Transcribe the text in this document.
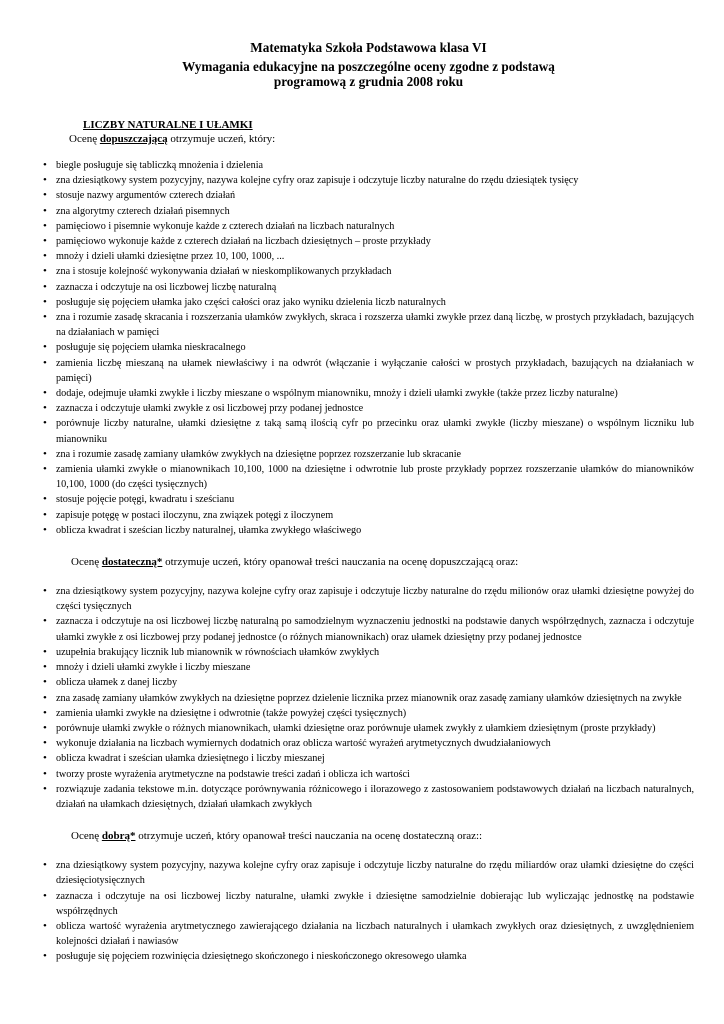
Matematyka Szkoła Podstawowa klasa VI

Wymagania edukacyjne na poszczególne oceny zgodne z podstawą

programową z grudnia 2008 roku

LICZBY NATURALNE I UŁAMKI
Ocenę dopuszczającą otrzymuje uczeń, który:
• biegle posługuje się tabliczką mnożenia i dzielenia
• zna dziesiątkowy system pozycyjny, nazywa kolejne cyfry oraz zapisuje i odczytuje liczby naturalne do rzędu dziesiątek tysięcy
• stosuje nazwy argumentów czterech działań
• zna algorytmy czterech działań pisemnych
• pamięciowo i pisemnie wykonuje każde z czterech działań na liczbach naturalnych
• pamięciowo wykonuje każde z czterech działań na liczbach dziesiętnych – proste przykłady
• mnoży i dzieli ułamki dziesiętne przez 10, 100, 1000, ...
• zna i stosuje kolejność wykonywania działań w nieskomplikowanych przykładach
• zaznacza i odczytuje na osi liczbowej liczbę naturalną
• posługuje się pojęciem ułamka jako części całości oraz jako wyniku dzielenia liczb naturalnych
• zna i rozumie zasadę skracania i rozszerzania ułamków zwykłych, skraca i rozszerza ułamki zwykłe przez daną liczbę, w prostych przykładach, bazujących na działaniach w pamięci
• posługuje się pojęciem ułamka nieskracalnego
• zamienia liczbę mieszaną na ułamek niewłaściwy i na odwrót (włączanie i wyłączanie całości w prostych przykładach, bazujących na działaniach w pamięci)
• dodaje, odejmuje ułamki zwykłe i liczby mieszane o wspólnym mianowniku, mnoży i dzieli ułamki zwykłe (także przez liczby naturalne)
• zaznacza i odczytuje ułamki zwykłe z osi liczbowej przy podanej jednostce
• porównuje liczby naturalne, ułamki dziesiętne z taką samą ilością cyfr po przecinku oraz ułamki zwykłe (liczby mieszane) o wspólnym liczniku lub mianowniku
• zna i rozumie zasadę zamiany ułamków zwykłych na dziesiętne poprzez rozszerzanie lub skracanie
• zamienia ułamki zwykłe o mianownikach 10,100, 1000 na dziesiętne i odwrotnie lub proste przykłady poprzez rozszerzanie ułamków do mianowników 10,100, 1000 (do części tysięcznych)
• stosuje pojęcie potęgi, kwadratu i sześcianu
• zapisuje potęgę w postaci iloczynu, zna związek potęgi z iloczynem
• oblicza kwadrat i sześcian liczby naturalnej, ułamka zwykłego właściwego
Ocenę dostateczną* otrzymuje uczeń, który opanował treści nauczania na ocenę dopuszczającą oraz:
• zna dziesiątkowy system pozycyjny, nazywa kolejne cyfry oraz zapisuje i odczytuje liczby naturalne do rzędu milionów oraz ułamki dziesiętne powyżej do części tysięcznych
• zaznacza i odczytuje na osi liczbowej liczbę naturalną po samodzielnym wyznaczeniu jednostki na podstawie danych współrzędnych, zaznacza i odczytuje ułamki zwykłe z osi liczbowej przy podanej jednostce (o różnych mianownikach) oraz ułamek dziesiętny przy podanej jednostce
• uzupełnia brakujący licznik lub mianownik w równościach ułamków zwykłych
• mnoży i dzieli ułamki zwykłe i liczby mieszane
• oblicza ułamek z danej liczby
• zna zasadę zamiany ułamków zwykłych na dziesiętne poprzez dzielenie licznika przez mianownik oraz zasadę zamiany ułamków dziesiętnych na zwykłe
• zamienia ułamki zwykłe na dziesiętne i odwrotnie (także powyżej części tysięcznych)
• porównuje ułamki zwykłe o różnych mianownikach, ułamki dziesiętne oraz porównuje ułamek zwykły z ułamkiem dziesiętnym (proste przykłady)
• wykonuje działania na liczbach wymiernych dodatnich oraz oblicza wartość wyrażeń arytmetycznych dwudziałaniowych
• oblicza kwadrat i sześcian ułamka dziesiętnego i liczby mieszanej
• tworzy proste wyrażenia arytmetyczne na podstawie treści zadań i oblicza ich wartości
• rozwiązuje zadania tekstowe m.in. dotyczące porównywania różnicowego i ilorazowego z zastosowaniem podstawowych działań na liczbach naturalnych, działań na ułamkach dziesiętnych, działań ułamkach zwykłych
Ocenę dobrą* otrzymuje uczeń, który opanował treści nauczania na ocenę dostateczną oraz::
• zna dziesiątkowy system pozycyjny, nazywa kolejne cyfry oraz zapisuje i odczytuje liczby naturalne do rzędu miliardów oraz ułamki dziesiętne do części dziesięciotysięcznych
• zaznacza i odczytuje na osi liczbowej liczby naturalne, ułamki zwykłe i dziesiętne samodzielnie dobierając lub wyliczając jednostkę na podstawie współrzędnych
• oblicza wartość wyrażenia arytmetycznego zawierającego działania na liczbach naturalnych i ułamkach zwykłych oraz dziesiętnych, z uwzględnieniem kolejności działań i nawiasów
• posługuje się pojęciem rozwinięcia dziesiętnego skończonego i nieskończonego okresowego ułamka
